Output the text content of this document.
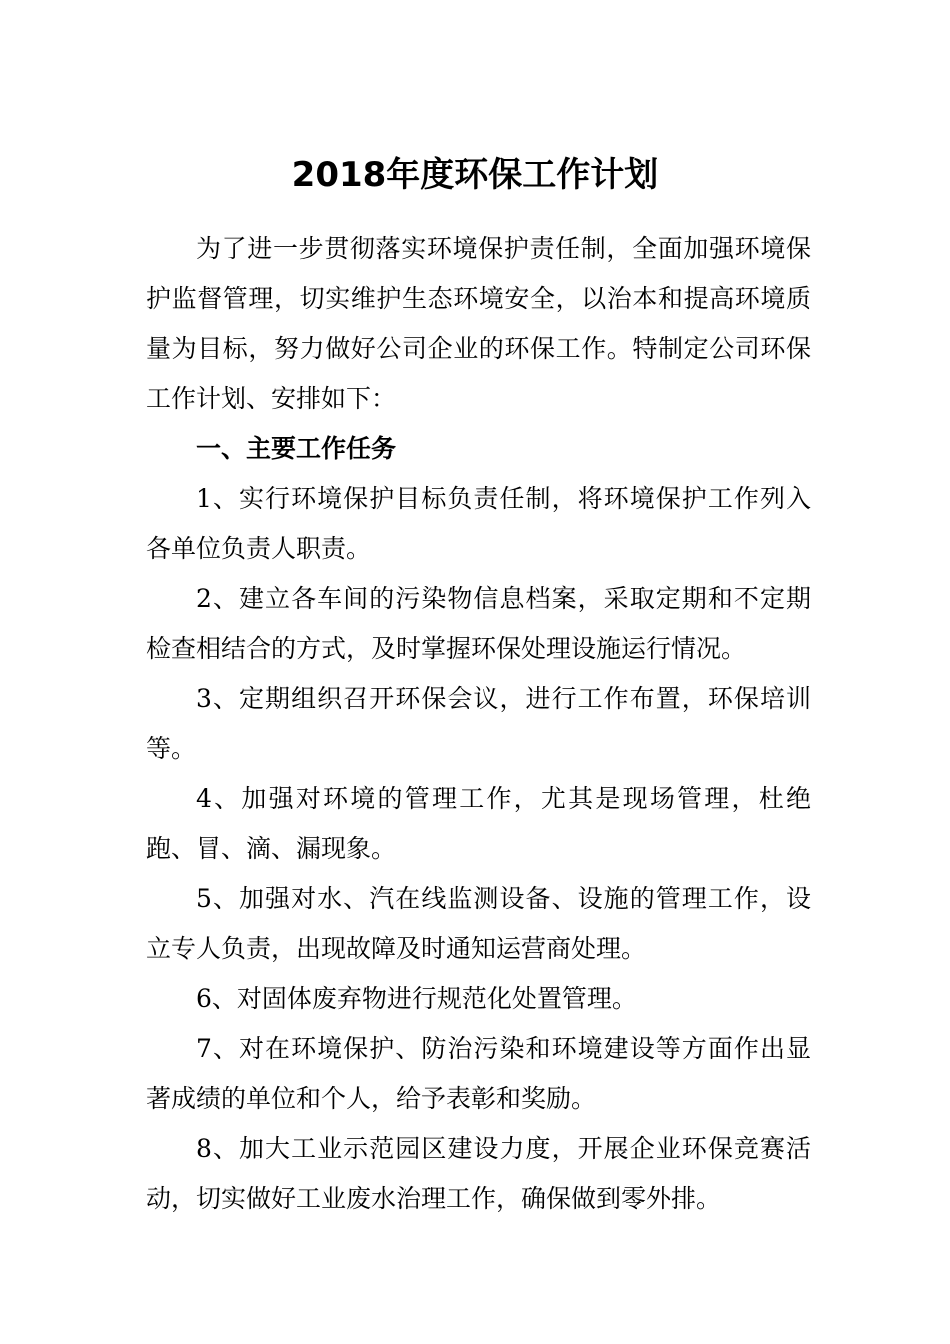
2018年度环保工作计划

为了进一步贯彻落实环境保护责任制，全面加强环境保护监督管理，切实维护生态环境安全，以治本和提高环境质量为目标，努力做好公司企业的环保工作。特制定公司环保工作计划、安排如下：

一、主要工作任务

1、实行环境保护目标负责任制，将环境保护工作列入各单位负责人职责。

2、建立各车间的污染物信息档案，采取定期和不定期检查相结合的方式，及时掌握环保处理设施运行情况。

3、定期组织召开环保会议，进行工作布置，环保培训等。

4、加强对环境的管理工作，尤其是现场管理，杜绝跑、冒、滴、漏现象。

5、加强对水、汽在线监测设备、设施的管理工作，设立专人负责，出现故障及时通知运营商处理。

6、对固体废弃物进行规范化处置管理。

7、对在环境保护、防治污染和环境建设等方面作出显著成绩的单位和个人，给予表彰和奖励。

8、加大工业示范园区建设力度，开展企业环保竞赛活动，切实做好工业废水治理工作，确保做到零外排。
